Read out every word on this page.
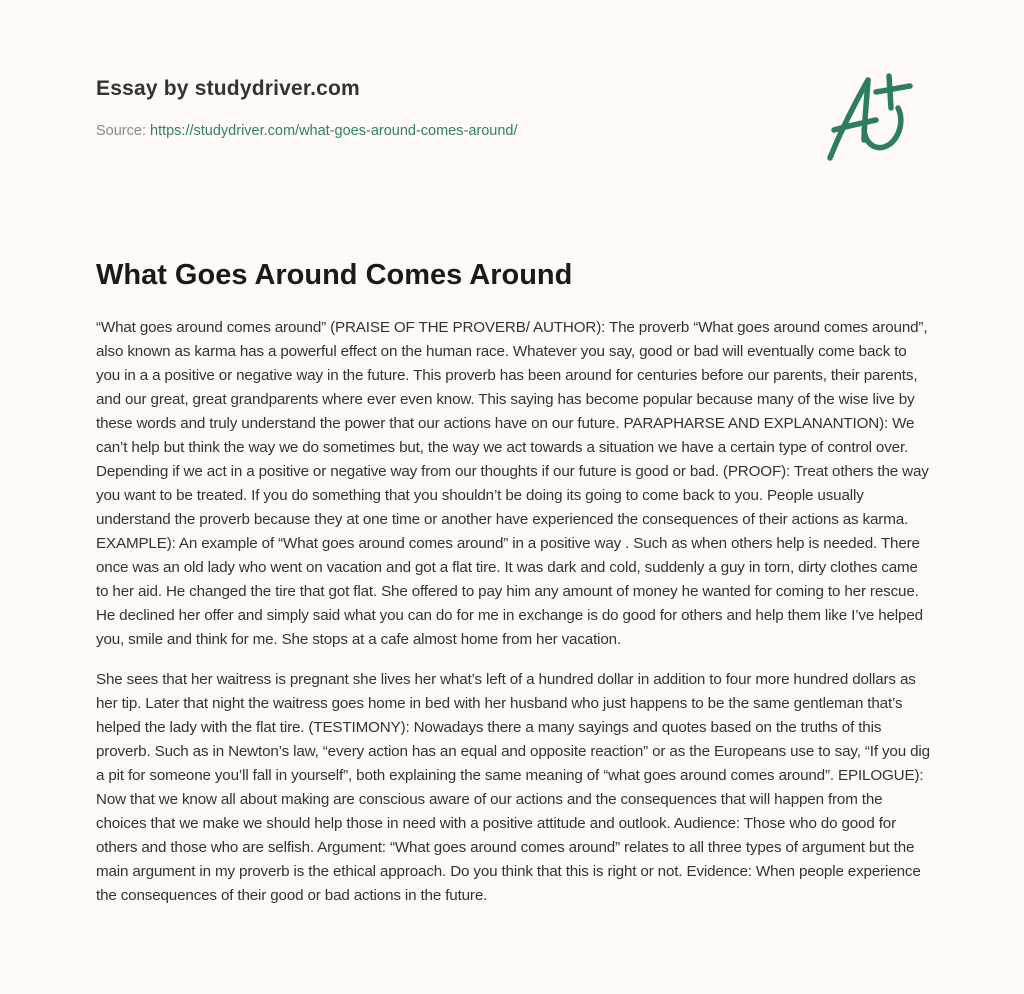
Essay by studydriver.com
Source: https://studydriver.com/what-goes-around-comes-around/
What Goes Around Comes Around

“What goes around comes around” (PRAISE OF THE PROVERB/ AUTHOR): The proverb “What goes around comes around”, also known as karma has a powerful effect on the human race. Whatever you say, good or bad will eventually come back to you in a a positive or negative way in the future. This proverb has been around for centuries before our parents, their parents, and our great, great grandparents where ever even know. This saying has become popular because many of the wise live by these words and truly understand the power that our actions have on our future. PARAPHARSE AND EXPLANANTION): We can’t help but think the way we do sometimes but, the way we act towards a situation we have a certain type of control over. Depending if we act in a positive or negative way from our thoughts if our future is good or bad. (PROOF): Treat others the way you want to be treated. If you do something that you shouldn’t be doing its going to come back to you. People usually understand the proverb because they at one time or another have experienced the consequences of their actions as karma. EXAMPLE): An example of “What goes around comes around” in a positive way . Such as when others help is needed. There once was an old lady who went on vacation and got a flat tire. It was dark and cold, suddenly a guy in torn, dirty clothes came to her aid. He changed the tire that got flat. She offered to pay him any amount of money he wanted for coming to her rescue. He declined her offer and simply said what you can do for me in exchange is do good for others and help them like I’ve helped you, smile and think for me. She stops at a cafe almost home from her vacation.

She sees that her waitress is pregnant she lives her what’s left of a hundred dollar in addition to four more hundred dollars as her tip. Later that night the waitress goes home in bed with her husband who just happens to be the same gentleman that’s helped the lady with the flat tire. (TESTIMONY): Nowadays there a many sayings and quotes based on the truths of this proverb. Such as in Newton’s law, “every action has an equal and opposite reaction” or as the Europeans use to say, “If you dig a pit for someone you’ll fall in yourself”, both explaining the same meaning of “what goes around comes around”. EPILOGUE): Now that we know all about making are conscious aware of our actions and the consequences that will happen from the choices that we make we should help those in need with a positive attitude and outlook. Audience: Those who do good for others and those who are selfish. Argument: “What goes around comes around” relates to all three types of argument but the main argument in my proverb is the ethical approach. Do you think that this is right or not. Evidence: When people experience the consequences of their good or bad actions in the future.
